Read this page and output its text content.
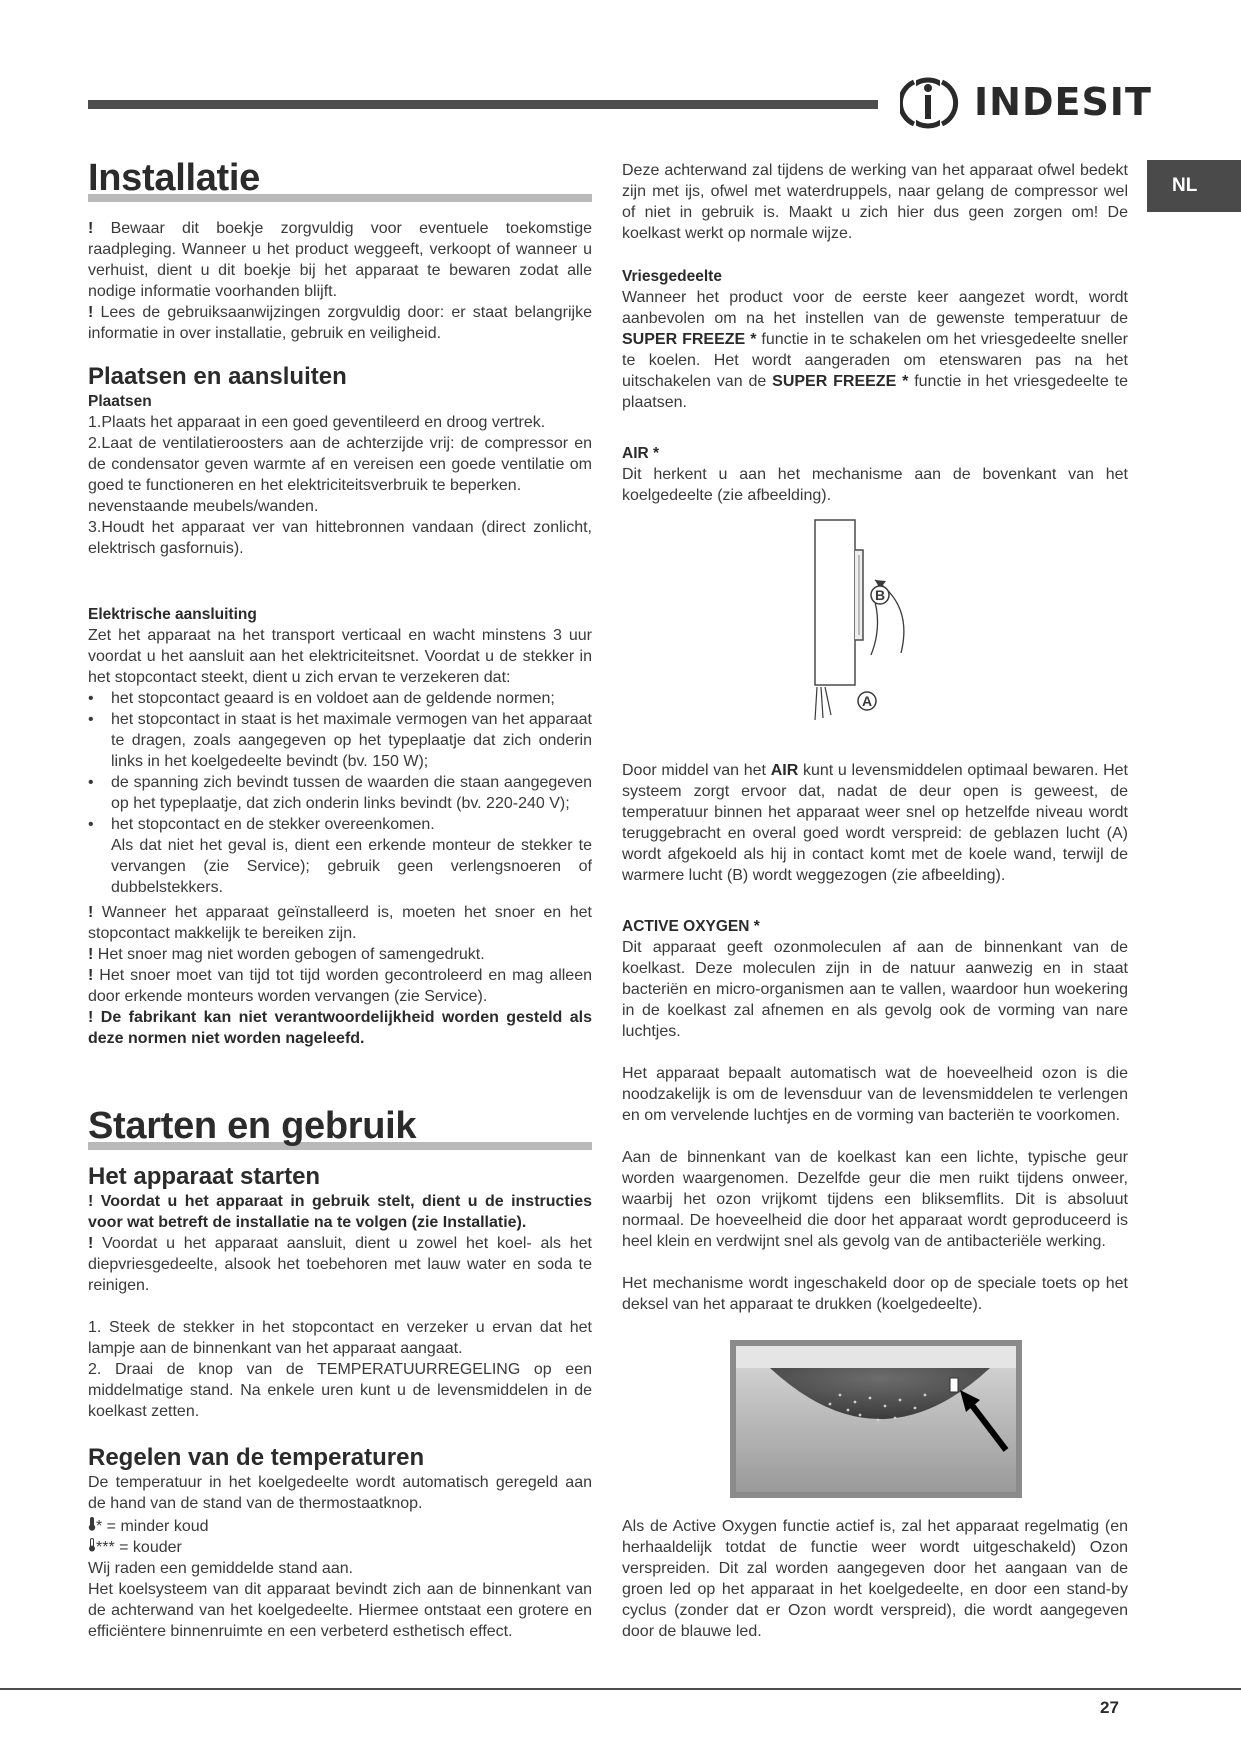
INDESIT
NL
Installatie

! Bewaar dit boekje zorgvuldig voor eventuele toekomstige raadpleging. Wanneer u het product weggeeft, verkoopt of wanneer u verhuist, dient u dit boekje bij het apparaat te bewaren zodat alle nodige informatie voorhanden blijft.

! Lees de gebruiksaanwijzingen zorgvuldig door: er staat belangrijke informatie in over installatie, gebruik en veiligheid.

Plaatsen en aansluiten
Plaatsen

1.Plaats het apparaat in een goed geventileerd en droog vertrek.

2.Laat de ventilatieroosters aan de achterzijde vrij: de compressor en de condensator geven warmte af en vereisen een goede ventilatie om goed te functioneren en het elektriciteitsverbruik te beperken.

nevenstaande meubels/wanden.

3.Houdt het apparaat ver van hittebronnen vandaan (direct zonlicht, elektrisch gasfornuis).

Elektrische aansluiting

Zet het apparaat na het transport verticaal en wacht minstens 3 uur voordat u het aansluit aan het elektriciteitsnet. Voordat u de stekker in het stopcontact steekt, dient u zich ervan te verzekeren dat:

• het stopcontact geaard is en voldoet aan de geldende normen;
• het stopcontact in staat is het maximale vermogen van het apparaat te dragen, zoals aangegeven op het typeplaatje dat zich onderin links in het koelgedeelte bevindt (bv. 150 W);
• de spanning zich bevindt tussen de waarden die staan aangegeven op het typeplaatje, dat zich onderin links bevindt (bv. 220-240 V);
• het stopcontact en de stekker overeenkomen.
Als dat niet het geval is, dient een erkende monteur de stekker te vervangen (zie Service); gebruik geen verlengsnoeren of dubbelstekkers.

! Wanneer het apparaat geïnstalleerd is, moeten het snoer en het stopcontact makkelijk te bereiken zijn.

! Het snoer mag niet worden gebogen of samengedrukt.

! Het snoer moet van tijd tot tijd worden gecontroleerd en mag alleen door erkende monteurs worden vervangen (zie Service).

! De fabrikant kan niet verantwoordelijkheid worden gesteld als deze normen niet worden nageleefd.

Starten en gebruik
Het apparaat starten

! Voordat u het apparaat in gebruik stelt, dient u de instructies voor wat betreft de installatie na te volgen (zie Installatie).

! Voordat u het apparaat aansluit, dient u zowel het koel- als het diepvriesgedeelte, alsook het toebehoren met lauw water en soda te reinigen.

1. Steek de stekker in het stopcontact en verzeker u ervan dat het lampje aan de binnenkant van het apparaat aangaat.

2. Draai de knop van de TEMPERATUURREGELING op een middelmatige stand. Na enkele uren kunt u de levensmiddelen in de koelkast zetten.

Regelen van de temperaturen

De temperatuur in het koelgedeelte wordt automatisch geregeld aan de hand van de stand van de thermostaatknop.

* = minder koud

*** = kouder

Wij raden een gemiddelde stand aan.

Het koelsysteem van dit apparaat bevindt zich aan de binnenkant van de achterwand van het koelgedeelte. Hiermee ontstaat een grotere en efficiëntere binnenruimte en een verbeterd esthetisch effect.

Deze achterwand zal tijdens de werking van het apparaat ofwel bedekt zijn met ijs, ofwel met waterdruppels, naar gelang de compressor wel of niet in gebruik is. Maakt u zich hier dus geen zorgen om! De koelkast werkt op normale wijze.

Vriesgedeelte

Wanneer het product voor de eerste keer aangezet wordt, wordt aanbevolen om na het instellen van de gewenste temperatuur de SUPER FREEZE * functie in te schakelen om het vriesgedeelte sneller te koelen. Het wordt aangeraden om etenswaren pas na het uitschakelen van de SUPER FREEZE * functie in het vriesgedeelte te plaatsen.

AIR *

Dit herkent u aan het mechanisme aan de bovenkant van het koelgedeelte (zie afbeelding).

Door middel van het AIR kunt u levensmiddelen optimaal bewaren. Het systeem zorgt ervoor dat, nadat de deur open is geweest, de temperatuur binnen het apparaat weer snel op hetzelfde niveau wordt teruggebracht en overal goed wordt verspreid: de geblazen lucht (A) wordt afgekoeld als hij in contact komt met de koele wand, terwijl de warmere lucht (B) wordt weggezogen (zie afbeelding).

ACTIVE OXYGEN *

Dit apparaat geeft ozonmoleculen af aan de binnenkant van de koelkast. Deze moleculen zijn in de natuur aanwezig en in staat bacteriën en micro-organismen aan te vallen, waardoor hun woekering in de koelkast zal afnemen en als gevolg ook de vorming van nare luchtjes.

Het apparaat bepaalt automatisch wat de hoeveelheid ozon is die noodzakelijk is om de levensduur van de levensmiddelen te verlengen en om vervelende luchtjes en de vorming van bacteriën te voorkomen.

Aan de binnenkant van de koelkast kan een lichte, typische geur worden waargenomen. Dezelfde geur die men ruikt tijdens onweer, waarbij het ozon vrijkomt tijdens een bliksemflits. Dit is absoluut normaal. De hoeveelheid die door het apparaat wordt geproduceerd is heel klein en verdwijnt snel als gevolg van de antibacteriële werking.

Het mechanisme wordt ingeschakeld door op de speciale toets op het deksel van het apparaat te drukken (koelgedeelte).

Als de Active Oxygen functie actief is, zal het apparaat regelmatig (en herhaaldelijk totdat de functie weer wordt uitgeschakeld) Ozon verspreiden. Dit zal worden aangegeven door het aangaan van de groen led op het apparaat in het koelgedeelte, en door een stand-by cyclus (zonder dat er Ozon wordt verspreid), die wordt aangegeven door de blauwe led.

B
A
27
